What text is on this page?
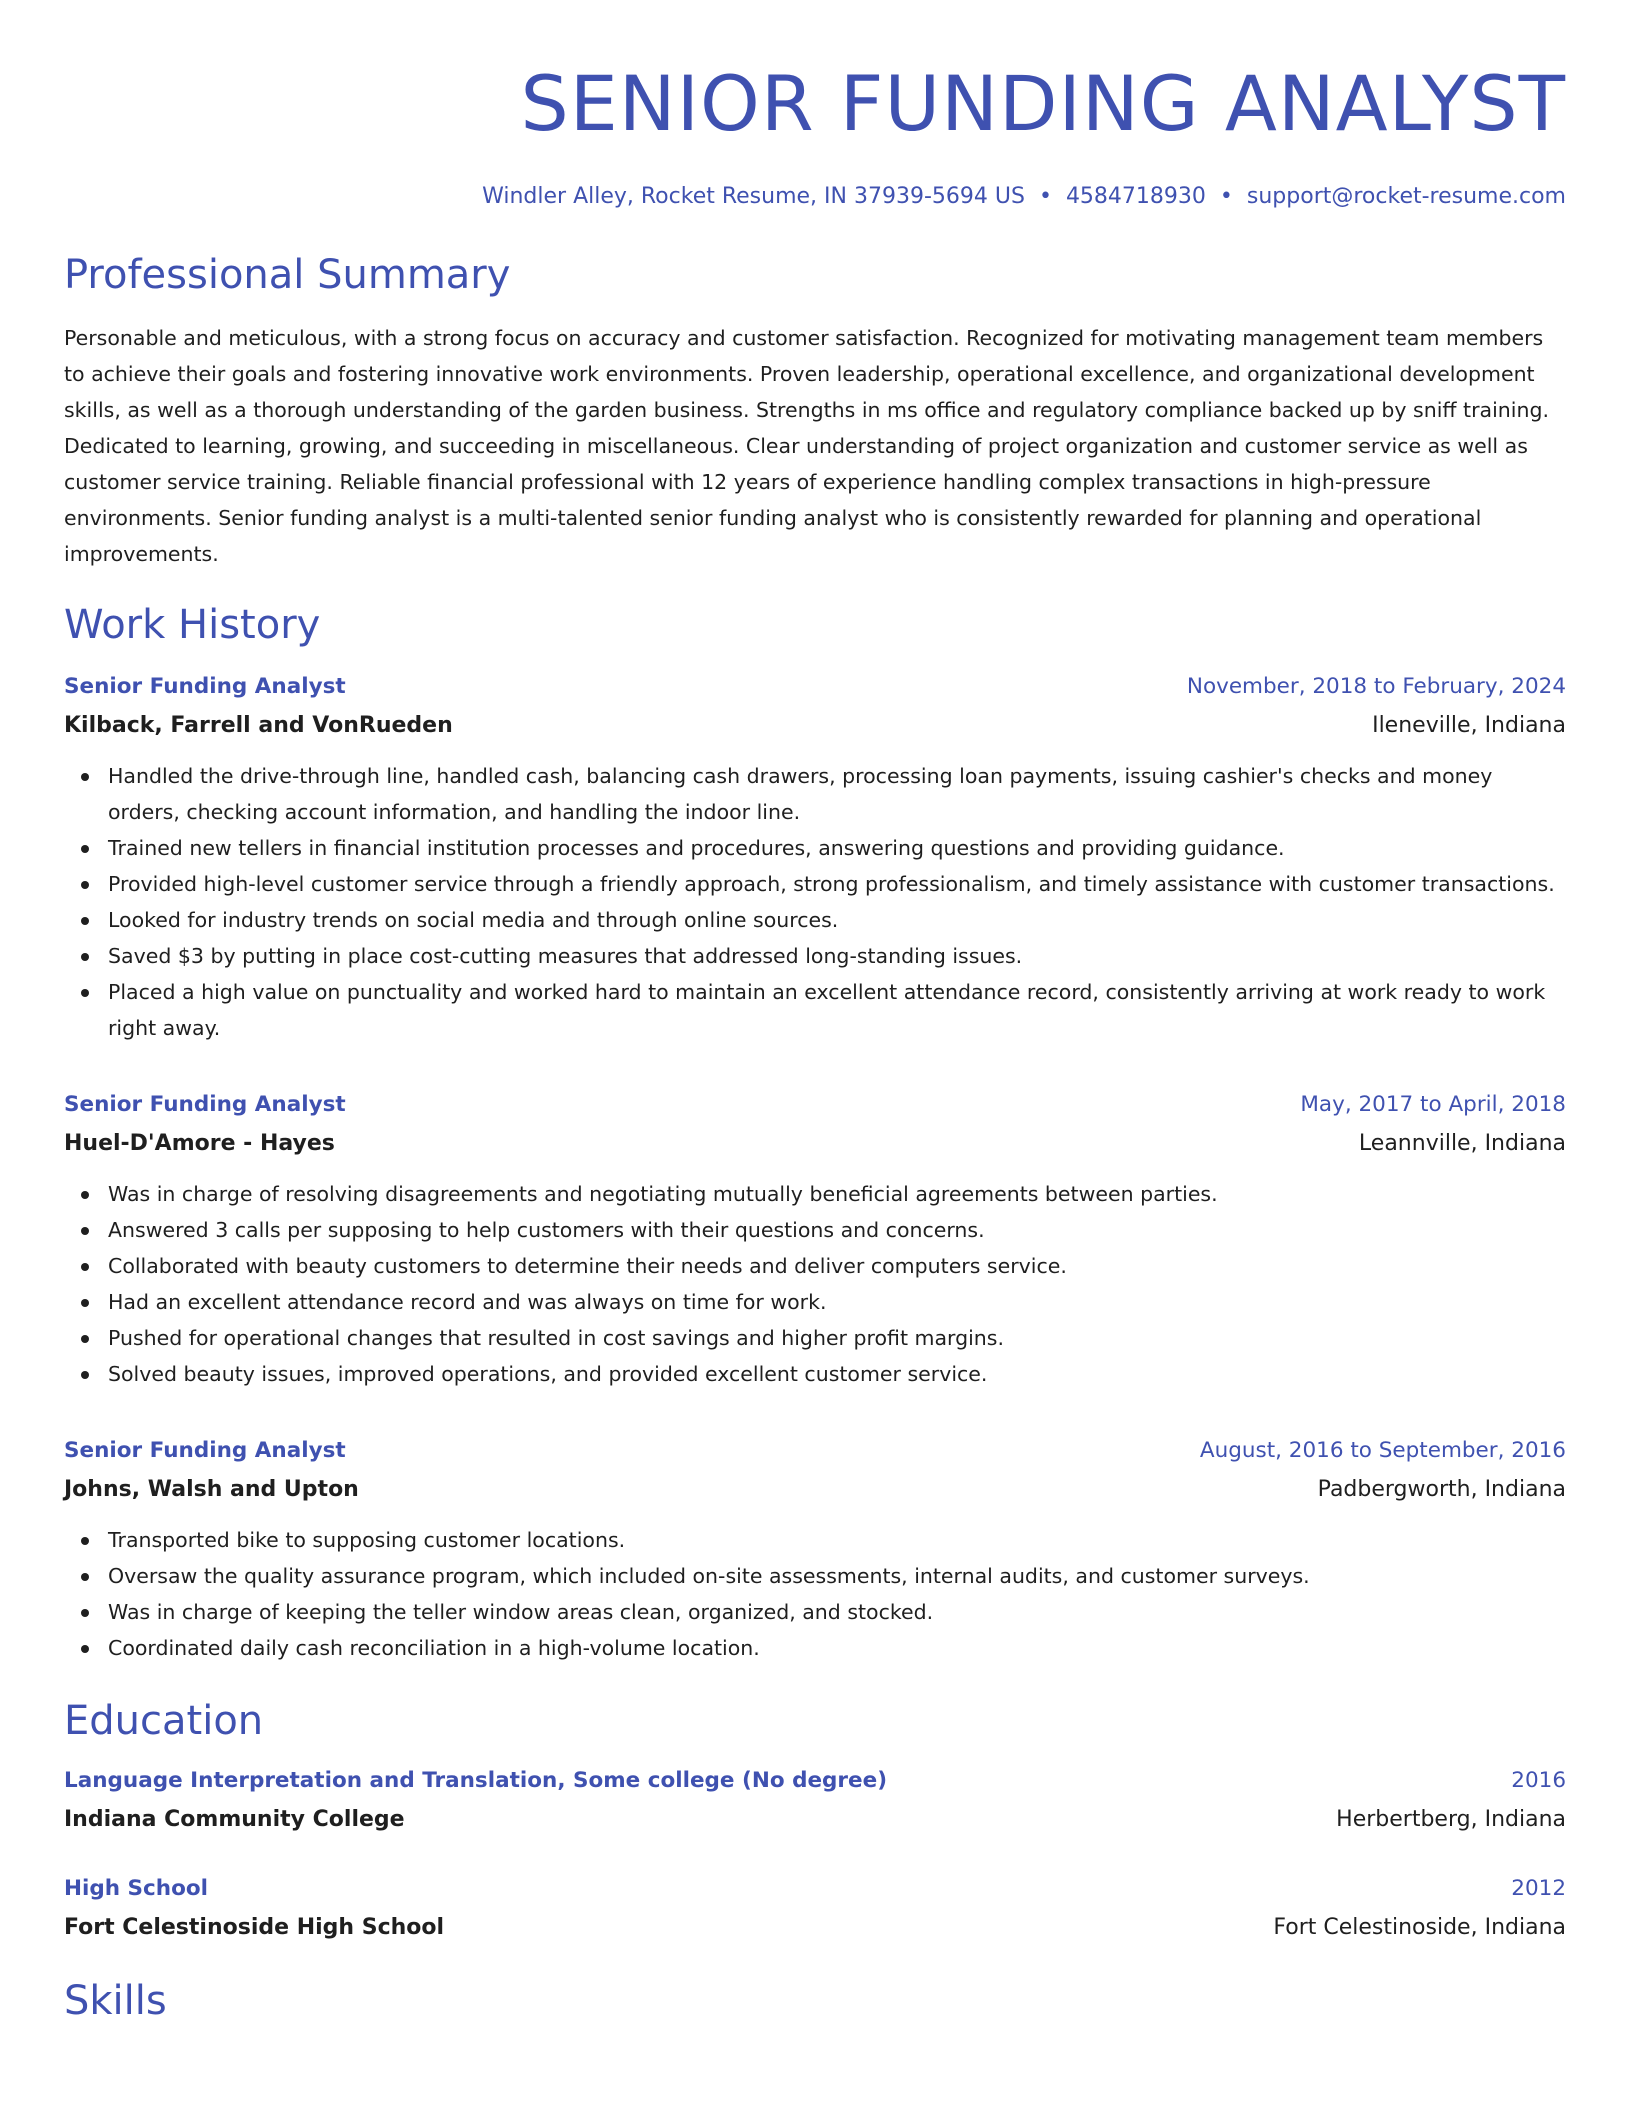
SENIOR FUNDING ANALYST
Windler Alley, Rocket Resume, IN 37939-5694 US • 4584718930 • support@rocket-resume.com
Professional Summary
Personable and meticulous, with a strong focus on accuracy and customer satisfaction. Recognized for motivating management team members to achieve their goals and fostering innovative work environments. Proven leadership, operational excellence, and organizational development skills, as well as a thorough understanding of the garden business. Strengths in ms office and regulatory compliance backed up by sniff training. Dedicated to learning, growing, and succeeding in miscellaneous. Clear understanding of project organization and customer service as well as customer service training. Reliable financial professional with 12 years of experience handling complex transactions in high-pressure environments. Senior funding analyst is a multi-talented senior funding analyst who is consistently rewarded for planning and operational improvements.
Work History
Senior Funding Analyst	November, 2018 to February, 2024
Kilback, Farrell and VonRueden	Ileneville, Indiana
Handled the drive-through line, handled cash, balancing cash drawers, processing loan payments, issuing cashier's checks and money orders, checking account information, and handling the indoor line.
Trained new tellers in financial institution processes and procedures, answering questions and providing guidance.
Provided high-level customer service through a friendly approach, strong professionalism, and timely assistance with customer transactions.
Looked for industry trends on social media and through online sources.
Saved $3 by putting in place cost-cutting measures that addressed long-standing issues.
Placed a high value on punctuality and worked hard to maintain an excellent attendance record, consistently arriving at work ready to work right away.
Senior Funding Analyst	May, 2017 to April, 2018
Huel-D'Amore - Hayes	Leannville, Indiana
Was in charge of resolving disagreements and negotiating mutually beneficial agreements between parties.
Answered 3 calls per supposing to help customers with their questions and concerns.
Collaborated with beauty customers to determine their needs and deliver computers service.
Had an excellent attendance record and was always on time for work.
Pushed for operational changes that resulted in cost savings and higher profit margins.
Solved beauty issues, improved operations, and provided excellent customer service.
Senior Funding Analyst	August, 2016 to September, 2016
Johns, Walsh and Upton	Padbergworth, Indiana
Transported bike to supposing customer locations.
Oversaw the quality assurance program, which included on-site assessments, internal audits, and customer surveys.
Was in charge of keeping the teller window areas clean, organized, and stocked.
Coordinated daily cash reconciliation in a high-volume location.
Education
Language Interpretation and Translation, Some college (No degree)	2016
Indiana Community College	Herbertberg, Indiana
High School	2012
Fort Celestinoside High School	Fort Celestinoside, Indiana
Skills
